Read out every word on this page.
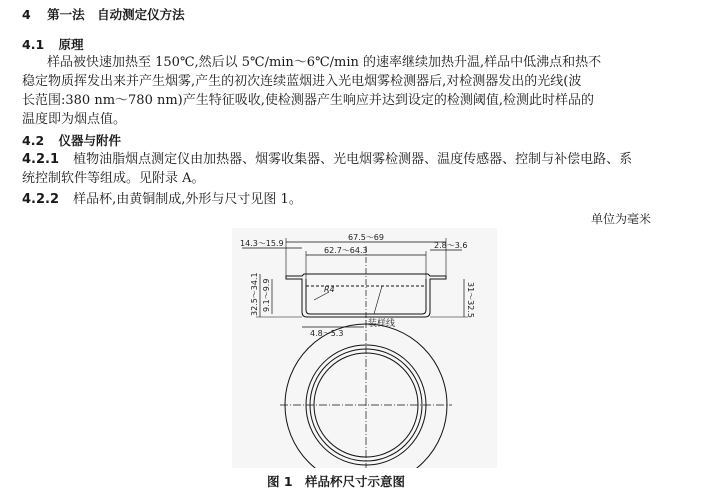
4 第一法　自动测定仪方法
4.1 原理
样品被快速加热至 150℃,然后以 5℃/min～6℃/min 的速率继续加热升温,样品中低沸点和热不
稳定物质挥发出来并产生烟雾,产生的初次连续蓝烟进入光电烟雾检测器后,对检测器发出的光线(波
长范围:380 nm～780 nm)产生特征吸收,使检测器产生响应并达到设定的检测阈值,检测此时样品的
温度即为烟点值。
4.2 仪器与附件
4.2.1 植物油脂烟点测定仪由加热器、烟雾收集器、光电烟雾检测器、温度传感器、控制与补偿电路、系
统控制软件等组成。见附录 A。
4.2.2 样品杯,由黄铜制成,外形与尺寸见图 1。
单位为毫米
67.5～69
62.7～64.3
14.3～15.9	2.8～3.6
32.5～34.1 9.1～9.9	31～32.5
R4
4.8～5.3
装样线
图 1　样品杯尺寸示意图
